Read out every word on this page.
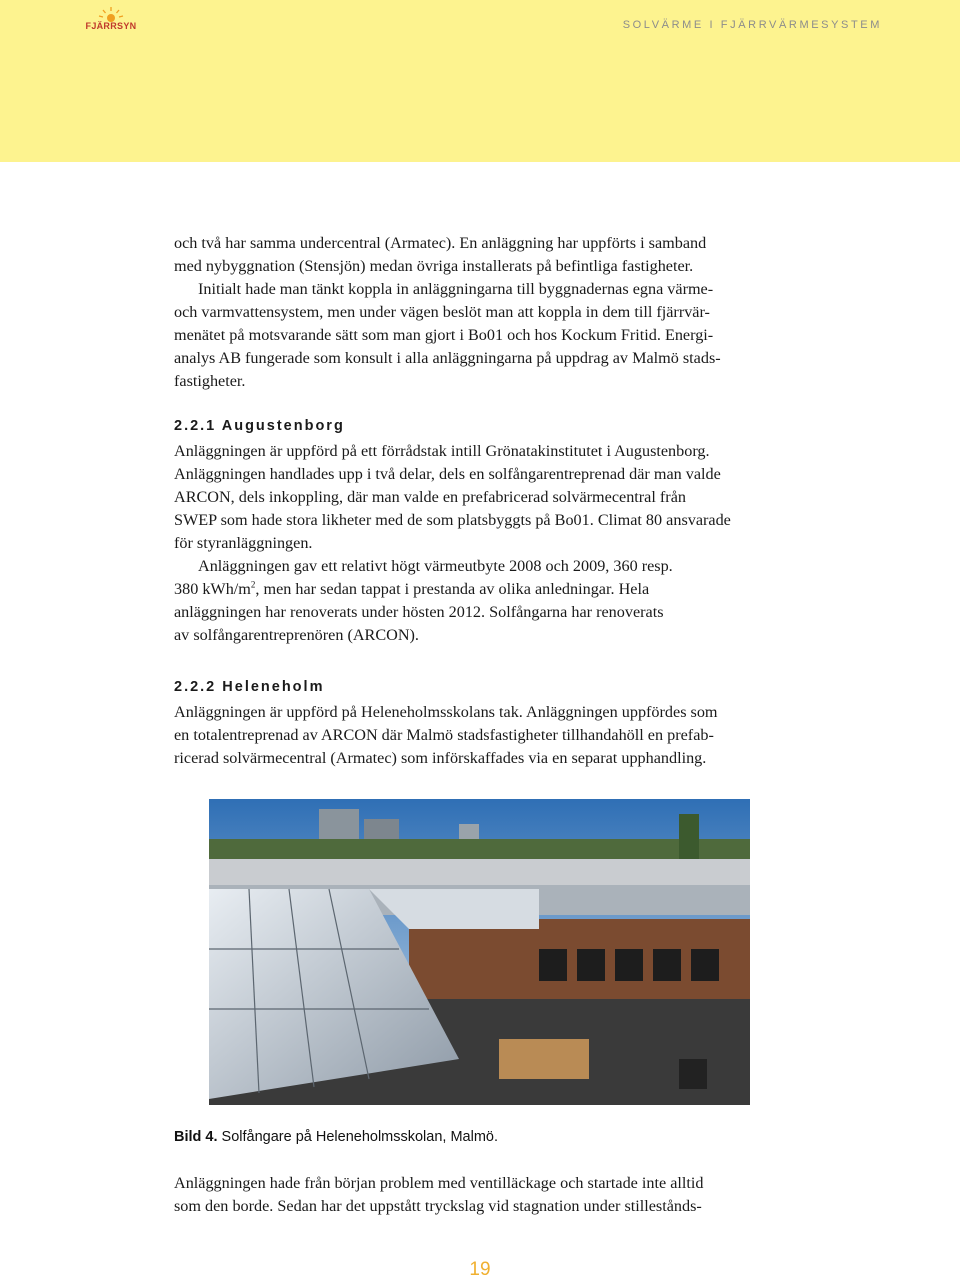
FJÄRRSYN	SOLVÄRME I FJÄRRVÄRMESYSTEM

och två har samma undercentral (Armatec). En anläggning har uppförts i samband
med nybyggnation (Stensjön) medan övriga installerats på befintliga fastigheter.

Initialt hade man tänkt koppla in anläggningarna till byggnadernas egna värme-
och varmvattensystem, men under vägen beslöt man att koppla in dem till fjärrvär-
menätet på motsvarande sätt som man gjort i Bo01 och hos Kockum Fritid. Energi-
analys AB fungerade som konsult i alla anläggningarna på uppdrag av Malmö stads-
fastigheter.

2.2.1 Augustenborg

Anläggningen är uppförd på ett förrådstak intill Grönatakinstitutet i Augustenborg.
Anläggningen handlades upp i två delar, dels en solfångarentreprenad där man valde
ARCON, dels inkoppling, där man valde en prefabricerad solvärmecentral från
SWEP som hade stora likheter med de som platsbyggts på Bo01. Climat 80 ansvarade
för styranläggningen.

Anläggningen gav ett relativt högt värmeutbyte 2008 och 2009, 360 resp.
380 kWh/$m^2$, men har sedan tappat i prestanda av olika anledningar. Hela
anläggningen har renoverats under hösten 2012. Solfångarna har renoverats
av solfångarentreprenören (ARCON).

2.2.2 Heleneholm

Anläggningen är uppförd på Heleneholmsskolans tak. Anläggningen uppfördes som
en totalentreprenad av ARCON där Malmö stadsfastigheter tillhandahöll en prefab-
ricerad solvärmecentral (Armatec) som införskaffades via en separat upphandling.

Bild 4. Solfångare på Heleneholmsskolan, Malmö.

Anläggningen hade från början problem med ventilläckage och startade inte alltid
som den borde. Sedan har det uppstått tryckslag vid stagnation under stillestånds-

19
